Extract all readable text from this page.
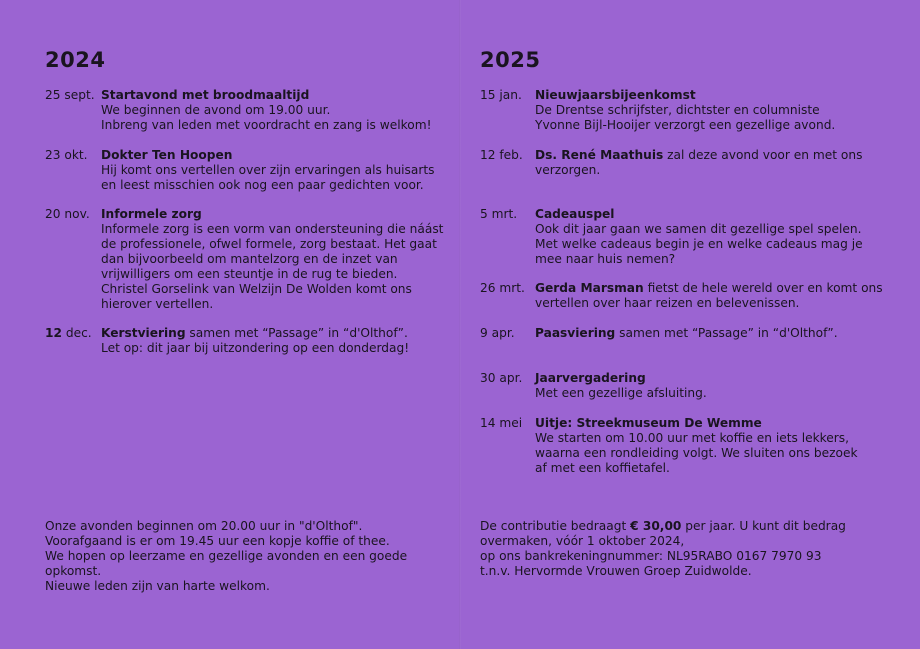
2024
25 sept. Startavond met broodmaaltijd
We beginnen de avond om 19.00 uur.
Inbreng van leden met voordracht en zang is welkom!
23 okt. Dokter Ten Hoopen
Hij komt ons vertellen over zijn ervaringen als huisarts
en leest misschien ook nog een paar gedichten voor.
20 nov. Informele zorg
Informele zorg is een vorm van ondersteuning die náást
de professionele, ofwel formele, zorg bestaat. Het gaat
dan bijvoorbeeld om mantelzorg en de inzet van
vrijwilligers om een steuntje in de rug te bieden.
Christel Gorselink van Welzijn De Wolden komt ons
hierover vertellen.
12 dec. Kerstviering samen met “Passage” in “d'Olthof”.
Let op: dit jaar bij uitzondering op een donderdag!
Onze avonden beginnen om 20.00 uur in "d'Olthof".
Voorafgaand is er om 19.45 uur een kopje koffie of thee.
We hopen op leerzame en gezellige avonden en een goede
opkomst.
Nieuwe leden zijn van harte welkom.
2025
15 jan. Nieuwjaarsbijeenkomst
De Drentse schrijfster, dichtster en columniste
Yvonne Bijl-Hooijer verzorgt een gezellige avond.
12 feb. Ds. René Maathuis zal deze avond voor en met ons
verzorgen.
5 mrt. Cadeauspel
Ook dit jaar gaan we samen dit gezellige spel spelen.
Met welke cadeaus begin je en welke cadeaus mag je
mee naar huis nemen?
26 mrt. Gerda Marsman fietst de hele wereld over en komt ons
vertellen over haar reizen en belevenissen.
9 apr. Paasviering samen met “Passage” in “d'Olthof”.
30 apr. Jaarvergadering
Met een gezellige afsluiting.
14 mei Uitje: Streekmuseum De Wemme
We starten om 10.00 uur met koffie en iets lekkers,
waarna een rondleiding volgt. We sluiten ons bezoek
af met een koffietafel.
De contributie bedraagt € 30,00 per jaar. U kunt dit bedrag
overmaken, vóór 1 oktober 2024,
op ons bankrekeningnummer: NL95RABO 0167 7970 93
t.n.v. Hervormde Vrouwen Groep Zuidwolde.
